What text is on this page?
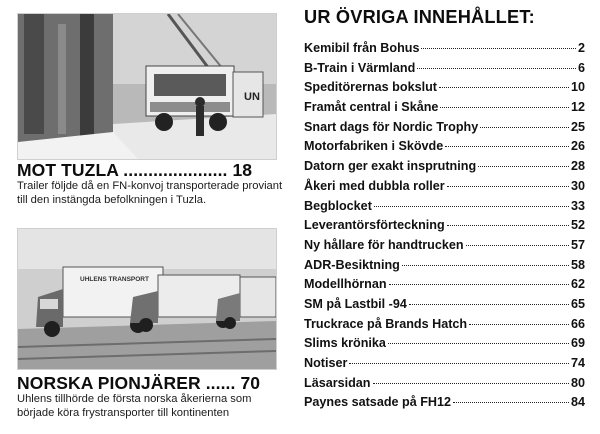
UN
MOT TUZLA ..................... 18
Trailer följde då en FN-konvoj transporterade proviant till den instängda befolkningen i Tuzla.
UHLENS TRANSPORT
NORSKA PIONJÄRER ...... 70
Uhlens tillhörde de första norska åkerierna som började köra frystransporter till kontinenten
UR ÖVRIGA INNEHÅLLET:
Kemibil från Bohus	2
B-Train i Värmland	6
Speditörernas bokslut	10
Framåt central i Skåne	12
Snart dags för Nordic Trophy	25
Motorfabriken i Skövde	26
Datorn ger exakt insprutning	28
Åkeri med dubbla roller	30
Begblocket	33
Leverantörsförteckning	52
Ny hållare för handtrucken	57
ADR-Besiktning	58
Modellhörnan	62
SM på Lastbil -94	65
Truckrace på Brands Hatch	66
Slims krönika	69
Notiser	74
Läsarsidan	80
Paynes satsade på FH12	84
